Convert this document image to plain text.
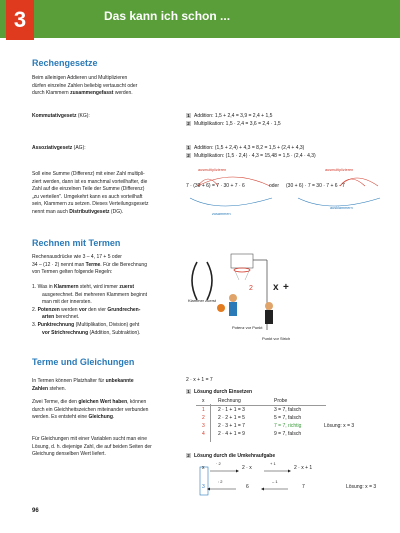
3	Das kann ich schon ...
Rechengesetze
Beim alleinigen Addieren und Multiplizieren
dürfen einzelne Zahlen beliebig vertauscht oder
durch Klammern zusammengefasst werden.
Kommutativgesetz (KG):	1 Addition: 1,5 + 2,4 = 3,9 = 2,4 + 1,5
2 Multiplikation: 1,5 · 2,4 = 3,6 = 2,4 · 1,5
Assoziativgesetz (AG):	1 Addition: (1,5 + 2,4) + 4,3 = 8,2 = 1,5 + (2,4 + 4,3)
2 Multiplikation: (1,5 · 2,4) · 4,3 = 15,48 = 1,5 · (2,4 · 4,3)
Soll eine Summe (Differenz) mit einer Zahl multipli-
ziert werden, dann ist es manchmal vorteilhafter, die
Zahl auf die einzelnen Teile der Summe (Differenz)
„zu verteilen". Umgekehrt kann es auch vorteilhaft
sein, Klammern zu setzen. Dieses Verteilungsgesetz
nennt man auch Distributivgesetz (DG).
ausmultiplizieren	ausmultiplizieren
7 · (30 + 6) = 7 · 30 + 7 · 6	oder (30 + 6) · 7 = 30 · 7 + 6 · 7
zusammen
ausklammern
Rechnen mit Termen
Rechenausdrücke wie 3 – 4, 17 + 5 oder
34 – (12 · 2) nennt man Terme. Für die Berechnung
von Termen gelten folgende Regeln:
1. Was in Klammern steht, wird immer zuerst
ausgerechnet. Bei mehreren Klammern beginnt
man mit der innersten.
2. Potenzen werden vor den vier Grundrechen-
arten berechnet.
3. Punktrechnung (Multiplikation, Division) geht
vor Strichrechnung (Addition, Subtraktion).
x +
2
Klammer zuerst
Potenz vor Punkt
Punkt vor Strich
Terme und Gleichungen
In Termen können Platzhalter für unbekannte
Zahlen stehen.
Zwei Terme, die den gleichen Wert haben, können
durch ein Gleichheitszeichen miteinander verbunden
werden. Es entsteht eine Gleichung.
Für Gleichungen mit einer Variablen sucht man eine
Lösung, d. h. diejenige Zahl, die auf beiden Seiten der
Gleichung denselben Wert liefert.
2 · x + 1 = 7
1 Lösung durch Einsetzen
x	Rechnung	Probe
1	2 · 1 + 1 = 3	3 = 7, falsch
2	2 · 2 + 1 = 5	5 = 7, falsch
3	2 · 3 + 1 = 7	7 = 7, richtig	Lösung: x = 3
4	2 · 4 + 1 = 9	9 = 7, falsch
2 Lösung durch die Umkehraufgabe
x
· 2
2 · x
+ 1
2 · x + 1
3
: 2
6
– 1
7	Lösung: x = 3
96
